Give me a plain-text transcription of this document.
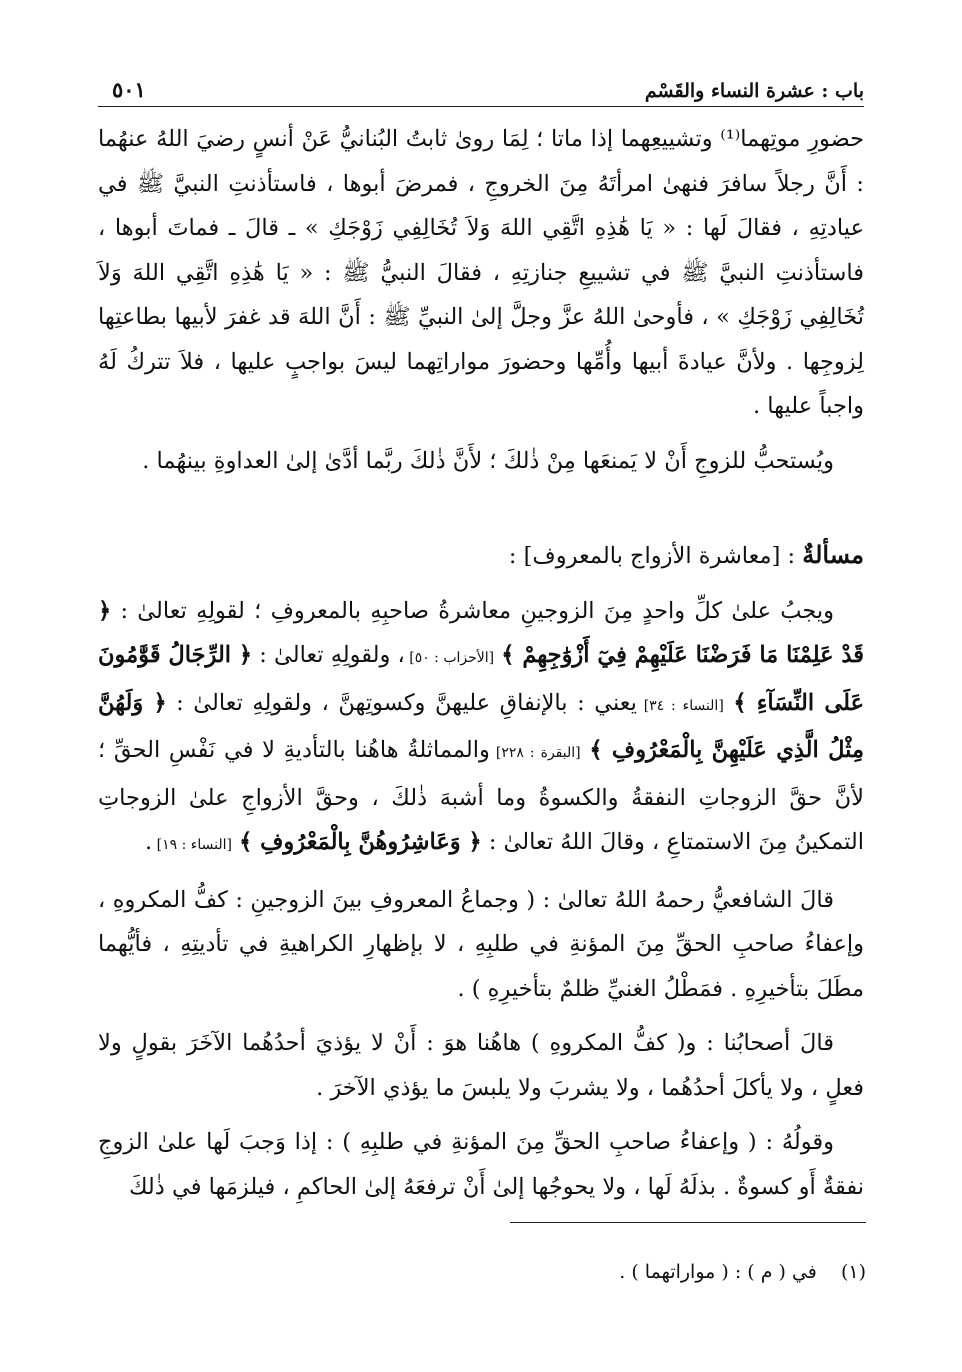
باب : عشرة النساء والقَسْم
٥٠١

حضورِ موتِهما⁽¹⁾ وتشييعِهما إذا ماتا ؛ لِمَا روىٰ ثابتُ البُنانيُّ عَنْ أنسٍ رضيَ اللهُ عنهُما : أَنَّ رجلاً سافرَ فنهىٰ امرأتَهُ مِنَ الخروجِ ، فمرضَ أبوها ، فاستأذنتِ النبيَّ ﷺ في عيادتِهِ ، فقالَ لَها : « يَا هَٰذِهِ اتَّقِي اللهَ وَلاَ تُخَالِفِي زَوْجَكِ » ـ قالَ ـ فماتَ أبوها ، فاستأذنتِ النبيَّ ﷺ في تشييعِ جنازتِهِ ، فقالَ النبيُّ ﷺ : « يَا هَٰذِهِ اتَّقِي اللهَ وَلاَ تُخَالِفِي زَوْجَكِ » ، فأوحىٰ اللهُ عزَّ وجلَّ إلىٰ النبيِّ ﷺ : أَنَّ اللهَ قد غفرَ لأبيها بطاعتِها لِزوجِها . ولأنَّ عيادةَ أبيها وأُمِّها وحضورَ مواراتِهما ليسَ بواجبٍ عليها ، فلاَ تتركُ لَهُ واجباً عليها .

ويُستحبُّ للزوجِ أَنْ لا يَمنعَها مِنْ ذٰلكَ ؛ لأَنَّ ذٰلكَ ربَّما أدَّىٰ إلىٰ العداوةِ بينهُما .

مسألةٌ : [معاشرة الأزواج بالمعروف] :

ويجبُ علىٰ كلِّ واحدٍ مِنَ الزوجينِ معاشرةُ صاحبِهِ بالمعروفِ ؛ لقولِهِ تعالىٰ : ﴿ قَدْ عَلِمْنَا مَا فَرَضْنَا عَلَيْهِمْ فِيٓ أَزْوَٰجِهِمْ ﴾ [الأحزاب : ٥٠] ، ولقولِهِ تعالىٰ : ﴿ الرِّجَالُ قَوَّٰمُونَ عَلَى النِّسَآءِ ﴾ [النساء : ٣٤] يعني : بالإنفاقِ عليهنَّ وكسوتِهنَّ ، ولقولِهِ تعالىٰ : ﴿ وَلَهُنَّ مِثْلُ الَّذِي عَلَيْهِنَّ بِالْمَعْرُوفِ ﴾ [البقرة : ٢٢٨] والمماثلةُ هاهُنا بالتأديةِ لا في نَفْسِ الحقِّ ؛ لأنَّ حقَّ الزوجاتِ النفقةُ والكسوةُ وما أشبهَ ذٰلكَ ، وحقَّ الأزواجِ علىٰ الزوجاتِ التمكينُ مِنَ الاستمتاعِ ، وقالَ اللهُ تعالىٰ : ﴿ وَعَاشِرُوهُنَّ بِالْمَعْرُوفِ ﴾ [النساء : ١٩] .

قالَ الشافعيُّ رحمهُ اللهُ تعالىٰ : ( وجماعُ المعروفِ بينَ الزوجينِ : كفُّ المكروهِ ، وإعفاءُ صاحبِ الحقِّ مِنَ المؤنةِ في طلبِهِ ، لا بإظهارِ الكراهيةِ في تأديتِهِ ، فأيُّهما مطَلَ بتأخيرِهِ . فمَطْلُ الغنيِّ ظلمٌ بتأخيرِهِ ) .

قالَ أصحابُنا : و( كفُّ المكروهِ ) هاهُنا هوَ : أَنْ لا يؤذيَ أحدُهُما الآخَرَ بقولٍ ولا فعلٍ ، ولا يأكلَ أحدُهُما ، ولا يشربَ ولا يلبسَ ما يؤذي الآخرَ .

وقولُهُ : ( وإعفاءُ صاحبِ الحقِّ مِنَ المؤنةِ في طلبِهِ ) : إذا وَجبَ لَها علىٰ الزوجِ نفقةٌ أَو كسوةٌ . بذلَهُ لَها ، ولا يحوجُها إلىٰ أَنْ ترفعَهُ إلىٰ الحاكمِ ، فيلزمَها في ذٰلكَ

(١) في ( م ) : ( مواراتهما ) .
